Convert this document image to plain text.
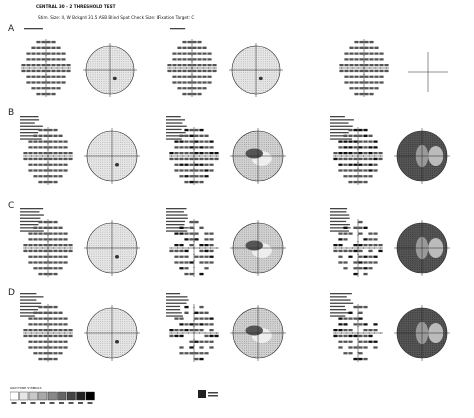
CENTRAL 30 - 2 THRESHOLD TEST
Stim. Size: II, W Bckgrd 31.5 ASB Blind Spot Check Size: II
Fixation Target: C
A
B
C
D
GRAYTONE SYMBOLS
